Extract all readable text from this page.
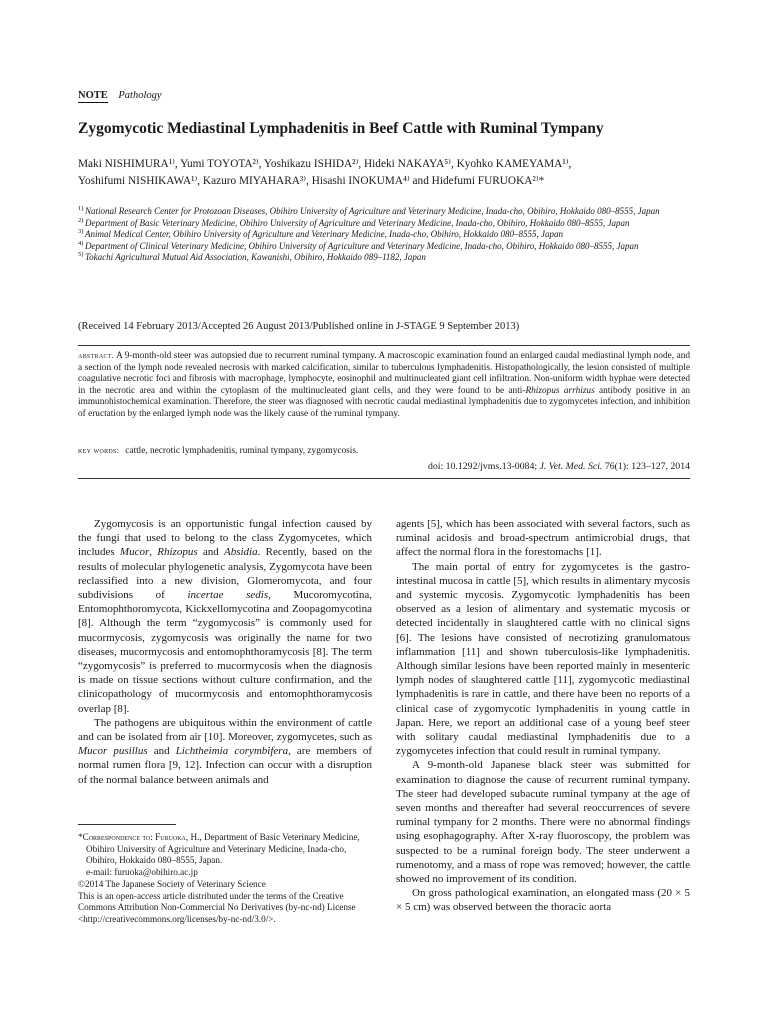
NOTE Pathology
Zygomycotic Mediastinal Lymphadenitis in Beef Cattle with Ruminal Tympany
Maki NISHIMURA¹⁾, Yumi TOYOTA²⁾, Yoshikazu ISHIDA²⁾, Hideki NAKAYA⁵⁾, Kyohko KAMEYAMA¹⁾,
Yoshifumi NISHIKAWA¹⁾, Kazuro MIYAHARA³⁾, Hisashi INOKUMA⁴⁾ and Hidefumi FURUOKA²⁾*
1) National Research Center for Protozoan Diseases, Obihiro University of Agriculture and Veterinary Medicine, Inada-cho, Obihiro, Hokkaido 080–8555, Japan
2) Department of Basic Veterinary Medicine, Obihiro University of Agriculture and Veterinary Medicine, Inada-cho, Obihiro, Hokkaido 080–8555, Japan
3) Animal Medical Center, Obihiro University of Agriculture and Veterinary Medicine, Inada-cho, Obihiro, Hokkaido 080–8555, Japan
4) Department of Clinical Veterinary Medicine, Obihiro University of Agriculture and Veterinary Medicine, Inada-cho, Obihiro, Hokkaido 080–8555, Japan
5) Tokachi Agricultural Mutual Aid Association, Kawanishi, Obihiro, Hokkaido 089–1182, Japan
(Received 14 February 2013/Accepted 26 August 2013/Published online in J-STAGE 9 September 2013)
abstract. A 9-month-old steer was autopsied due to recurrent ruminal tympany. A macroscopic examination found an enlarged caudal mediastinal lymph node, and a section of the lymph node revealed necrosis with marked calcification, similar to tuberculous lymphadenitis. Histopathologically, the lesion consisted of multiple coagulative necrotic foci and fibrosis with macrophage, lymphocyte, eosinophil and multinucleated giant cell infiltration. Non-uniform width hyphae were detected in the necrotic area and within the cytoplasm of the multinucleated giant cells, and they were found to be anti-Rhizopus arrhizus antibody positive in an immunohistochemical examination. Therefore, the steer was diagnosed with necrotic caudal mediastinal lymphadenitis due to zygomycetes infection, and inhibition of eructation by the enlarged lymph node was the likely cause of the ruminal tympany.
key words: cattle, necrotic lymphadenitis, ruminal tympany, zygomycosis.
doi: 10.1292/jvms.13-0084; J. Vet. Med. Sci. 76(1): 123–127, 2014

Zygomycosis is an opportunistic fungal infection caused by the fungi that used to belong to the class Zygomycetes, which includes Mucor, Rhizopus and Absidia. Recently, based on the results of molecular phylogenetic analysis, Zygomycota have been reclassified into a new division, Glomeromycota, and four subdivisions of incertae sedis, Mucoromycotina, Entomophthoromycota, Kickxellomycotina and Zoopagomycotina [8]. Although the term “zygomycosis” is commonly used for mucormycosis, zygomycosis was originally the name for two diseases, mucormycosis and entomophthoramycosis [8]. The term “zygomycosis” is preferred to mucormycosis when the diagnosis is made on tissue sections without culture confirmation, and the clinicopathology of mucormycosis and entomophthoramycosis overlap [8].

The pathogens are ubiquitous within the environment of cattle and can be isolated from air [10]. Moreover, zygomycetes, such as Mucor pusillus and Lichtheimia corymbifera, are members of normal rumen flora [9, 12]. Infection can occur with a disruption of the normal balance between animals and

*Correspondence to: Furuoka, H., Department of Basic Veterinary Medicine, Obihiro University of Agriculture and Veterinary Medicine, Inada-cho, Obihiro, Hokkaido 080–8555, Japan.

e-mail: furuoka@obihiro.ac.jp

©2014 The Japanese Society of Veterinary Science

This is an open-access article distributed under the terms of the Creative Commons Attribution Non-Commercial No Derivatives (by-nc-nd) License <http://creativecommons.org/licenses/by-nc-nd/3.0/>.

agents [5], which has been associated with several factors, such as ruminal acidosis and broad-spectrum antimicrobial drugs, that affect the normal flora in the forestomachs [1].

The main portal of entry for zygomycetes is the gastro-intestinal mucosa in cattle [5], which results in alimentary mycosis and systemic mycosis. Zygomycotic lymphadenitis has been observed as a lesion of alimentary and systematic mycosis or detected incidentally in slaughtered cattle with no clinical signs [6]. The lesions have consisted of necrotizing granulomatous inflammation [11] and shown tuberculosis-like lymphadenitis. Although similar lesions have been reported mainly in mesenteric lymph nodes of slaughtered cattle [11], zygomycotic mediastinal lymphadenitis is rare in cattle, and there have been no reports of a clinical case of zygomycotic lymphadenitis in young cattle in Japan. Here, we report an additional case of a young beef steer with solitary caudal mediastinal lymphadenitis due to a zygomycetes infection that could result in ruminal tympany.

A 9-month-old Japanese black steer was submitted for examination to diagnose the cause of recurrent ruminal tympany. The steer had developed subacute ruminal tympany at the age of seven months and thereafter had several reoccurrences of severe ruminal tympany for 2 months. There were no abnormal findings using esophagography. After X-ray fluoroscopy, the problem was suspected to be a ruminal foreign body. The steer underwent a rumenotomy, and a mass of rope was removed; however, the cattle showed no improvement of its condition.

On gross pathological examination, an elongated mass (20 × 5 × 5 cm) was observed between the thoracic aorta
